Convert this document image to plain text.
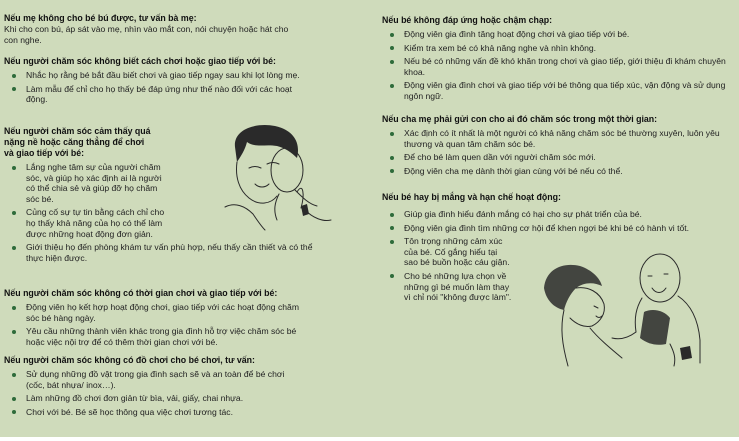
Nếu mẹ không cho bé bú được, tư vấn bà mẹ:
Khi cho con bú, áp sát vào mẹ, nhìn vào mắt con, nói chuyện hoặc hát cho con nghe.
Nếu người chăm sóc không biết cách chơi hoặc giao tiếp với bé:
Nhắc họ rằng bé bắt đầu biết chơi và giao tiếp ngay sau khi lọt lòng mẹ.
Làm mẫu để chỉ cho họ thấy bé đáp ứng như thế nào đối với các hoạt động.
Nếu người chăm sóc cảm thấy quá nặng nề hoặc căng thẳng để chơi và giao tiếp với bé:
Lắng nghe tâm sự của người chăm sóc, và giúp họ xác định ai là người có thể chia sẻ và giúp đỡ họ chăm sóc bé.
Củng cố sự tự tin bằng cách chỉ cho họ thấy khả năng của họ có thể làm được những hoạt động đơn giản.
Giới thiệu họ đến phòng khám tư vấn phù hợp, nếu thấy cần thiết và có thể thực hiện được.
Nếu người chăm sóc không có thời gian chơi và giao tiếp với bé:
Động viên họ kết hợp hoạt động chơi, giao tiếp với các hoạt động chăm sóc bé hàng ngày.
Yêu cầu những thành viên khác trong gia đình hỗ trợ việc chăm sóc bé hoặc việc nội trợ để có thêm thời gian chơi với bé.
Nếu người chăm sóc không có đồ chơi cho bé chơi, tư vấn:
Sử dụng những đồ vật trong gia đình sạch sẽ và an toàn để bé chơi (cốc, bát nhựa/ inox…).
Làm những đồ chơi đơn giản từ bìa, vải, giấy, chai nhựa.
Chơi với bé. Bé sẽ học thông qua việc chơi tương tác.
Nếu bé không đáp ứng hoặc chậm chạp:
Động viên gia đình tăng hoạt động chơi và giao tiếp với bé.
Kiểm tra xem bé có khả năng nghe và nhìn không.
Nếu bé có những vấn đề khó khăn trong chơi và giao tiếp, giới thiệu đi khám chuyên khoa.
Động viên gia đình chơi và giao tiếp với bé thông qua tiếp xúc, vận động và sử dụng ngôn ngữ.
Nếu cha mẹ phải gửi con cho ai đó chăm sóc trong một thời gian:
Xác định có ít nhất là một người có khả năng chăm sóc bé thường xuyên, luôn yêu thương và quan tâm chăm sóc bé.
Để cho bé làm quen dần với người chăm sóc mới.
Động viên cha mẹ dành thời gian cùng với bé nếu có thể.
Nếu bé hay bị mắng và hạn chế hoạt động:
Giúp gia đình hiểu đánh mắng có hại cho sự phát triển của bé.
Động viên gia đình tìm những cơ hội để khen ngợi bé khi bé có hành vi tốt.
Tôn trọng những cảm xúc của bé. Cố gắng hiểu tại sao bé buồn hoặc cáu giận.
Cho bé những lựa chọn về những gì bé muốn làm thay vì chỉ nói "không được làm".
